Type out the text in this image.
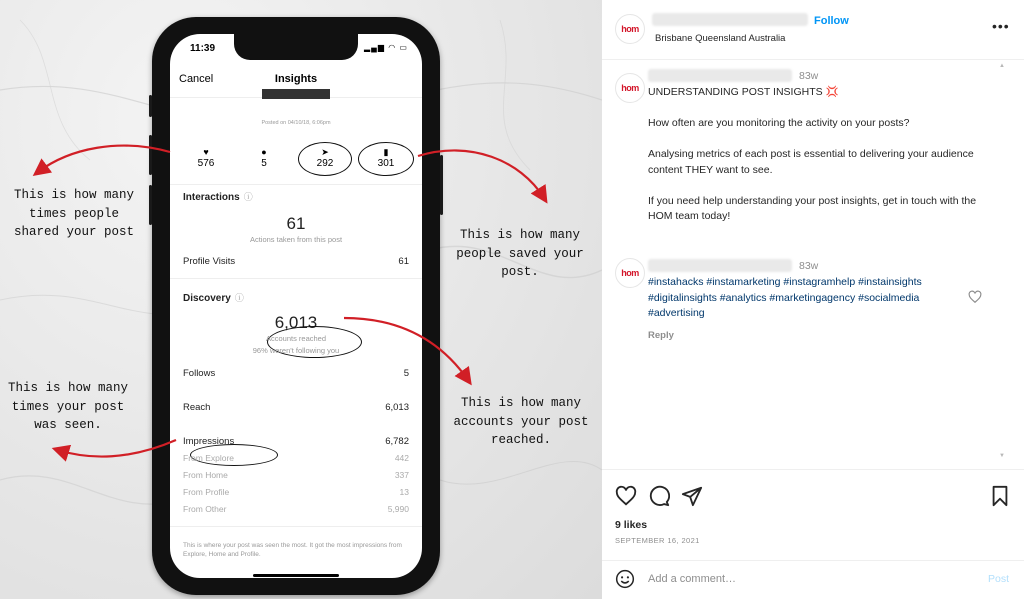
11:39	▂▄▆ ◠ ▭
Cancel	Insights
Posted on 04/10/18, 6:06pm
♥
576
●
5
➤
292
▮
301
Interactions ⓘ
61
Actions taken from this post
Profile Visits	61
Discovery ⓘ
6,013
Accounts reached
96% weren't following you
Follows	5
Reach	6,013
Impressions	6,782
From Explore	442
From Home	337
From Profile	13
From Other	5,990
This is where your post was seen the most. It got the most impressions from Explore, Home and Profile.
This is how many
times people
shared your post	This is how many
people saved your
post.
This is how many
times your post
was seen.
This is how many
accounts your post
reached.
hom
Follow
Brisbane Queensland Australia
•••
hom
83w

UNDERSTANDING POST INSIGHTS 💢

How often are you monitoring the activity on your posts?

Analysing metrics of each post is essential to delivering your audience content THEY want to see.

If you need help understanding your post insights, get in touch with the HOM team today!

hom
83w
#instahacks #instamarketing #instagramhelp #instainsights #digitalinsights #analytics #marketingagency #socialmedia #advertising
Reply
▲
▼
9 likes
SEPTEMBER 16, 2021
Add a comment…
Post
